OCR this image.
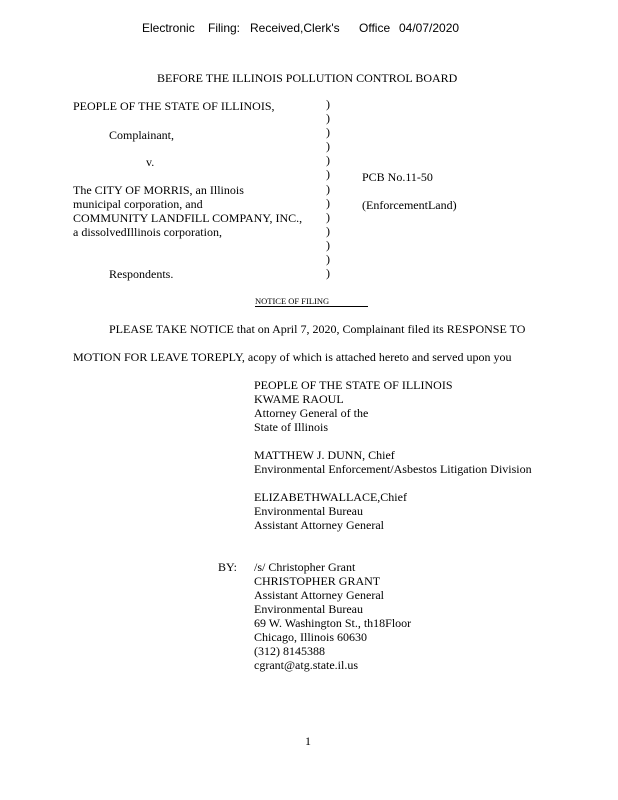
Electronic Filing: Received,Clerk's Office 04/07/2020
BEFORE THE ILLINOIS POLLUTION CONTROL BOARD
PEOPLE OF THE STATE OF ILLINOIS,
Complainant,
v.
The CITY OF MORRIS, an Illinois
municipal corporation, and
COMMUNITY LANDFILL COMPANY, INC.,
a dissolvedIllinois corporation,
Respondents.
)
)
)
)
)
)
)
)
)
)
)
)
)
PCB No.11-50
(EnforcementLand)
NOTICE OF FILING
PLEASE TAKE NOTICE that on April 7, 2020, Complainant filed its RESPONSE TO
MOTION FOR LEAVE TOREPLY, acopy of which is attached hereto and served upon you
PEOPLE OF THE STATE OF ILLINOIS
KWAME RAOUL
Attorney General of the
State of Illinois
MATTHEW J. DUNN, Chief
Environmental Enforcement/Asbestos Litigation Division
ELIZABETHWALLACE,Chief
Environmental Bureau
Assistant Attorney General
BY: /s/ Christopher Grant
CHRISTOPHER GRANT
Assistant Attorney General
Environmental Bureau
69 W. Washington St., th18Floor
Chicago, Illinois 60630
(312) 8145388
cgrant@atg.state.il.us
1
